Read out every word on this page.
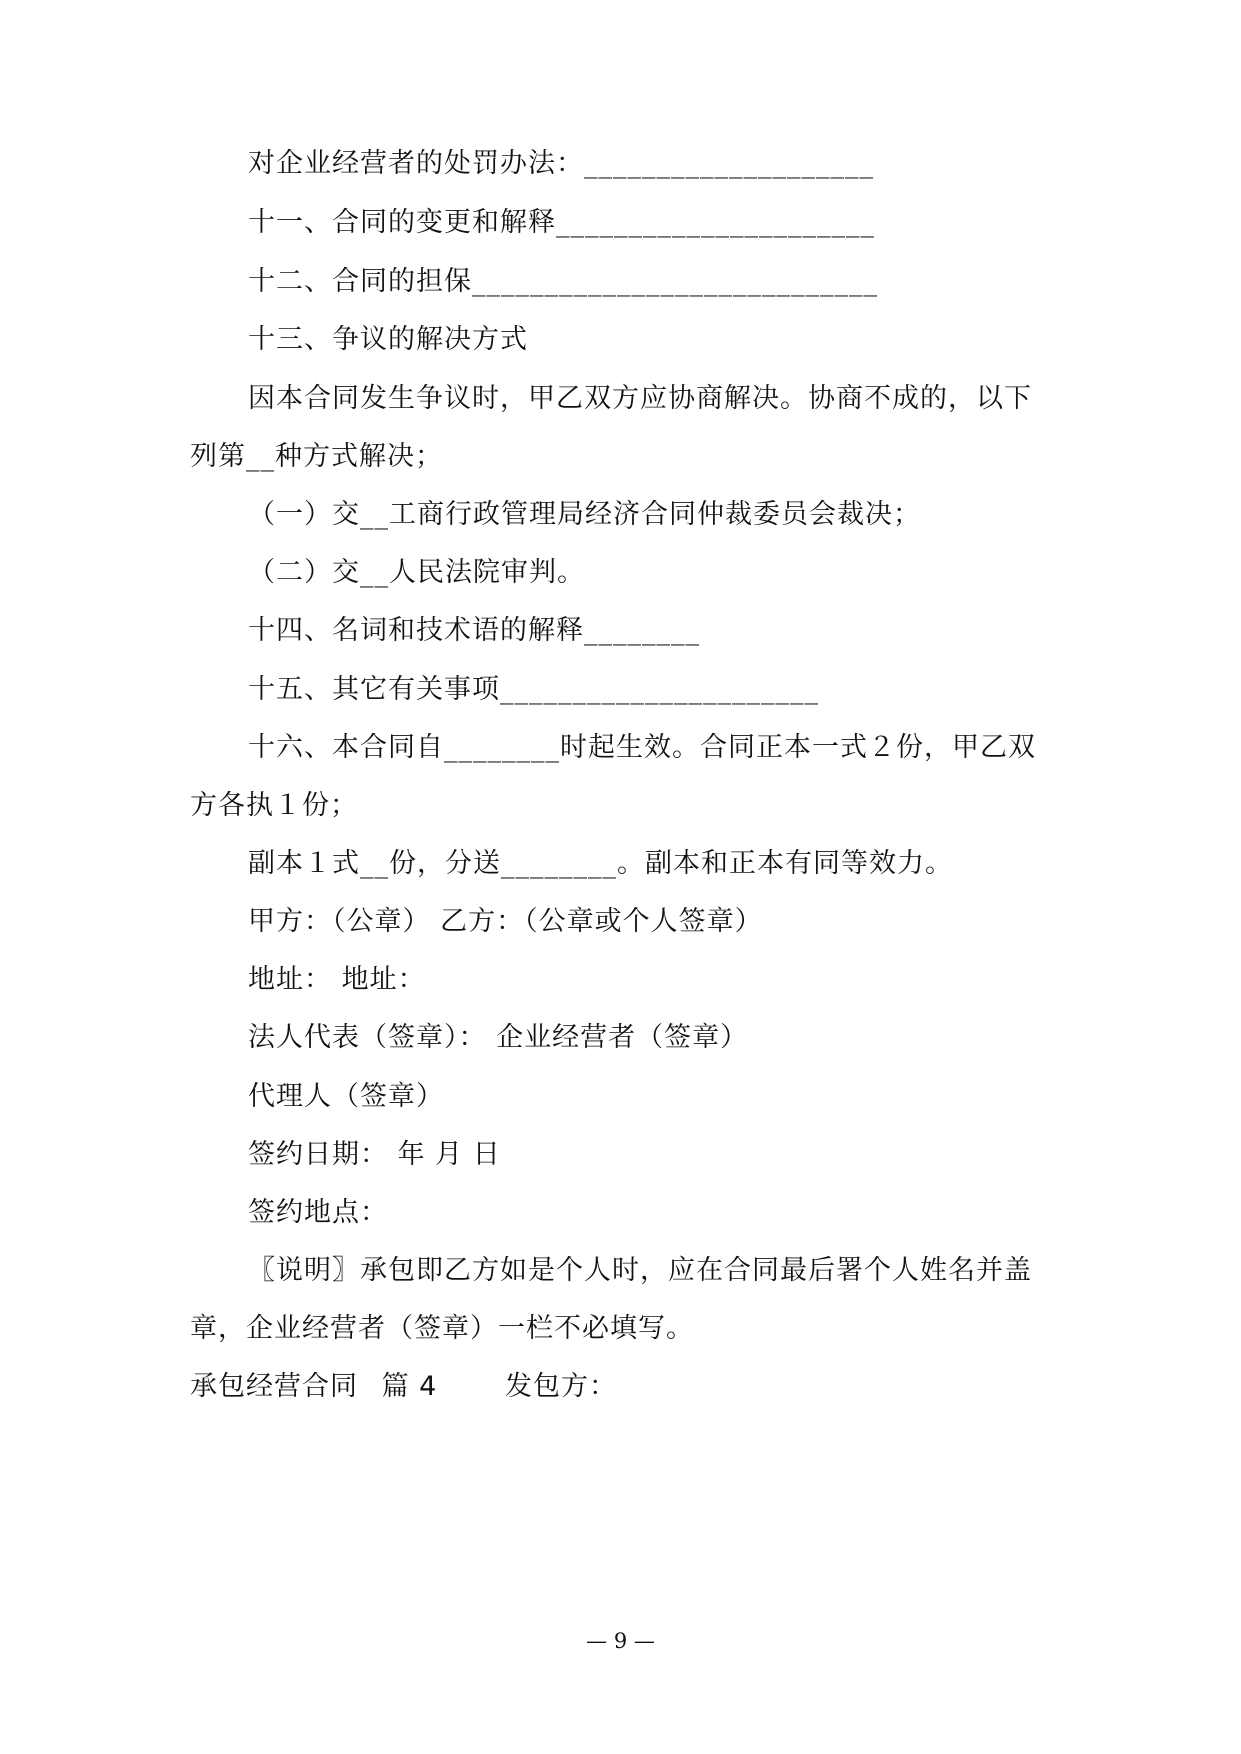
对企业经营者的处罚办法：____________________
十一、合同的变更和解释______________________
十二、合同的担保____________________________
十三、争议的解决方式
因本合同发生争议时，甲乙双方应协商解决。协商不成的，以下
列第__种方式解决；
（一）交__工商行政管理局经济合同仲裁委员会裁决；
（二）交__人民法院审判。
十四、名词和技术语的解释________
十五、其它有关事项______________________
十六、本合同自________时起生效。合同正本一式２份，甲乙双
方各执１份；
副本１式__份，分送________。副本和正本有同等效力。
甲方：（公章） 乙方：（公章或个人签章）
地址： 地址：
法人代表（签章）： 企业经营者（签章）
代理人（签章）
签约日期： 年 月 日
签约地点：
〖说明〗承包即乙方如是个人时，应在合同最后署个人姓名并盖
章，企业经营者（签章）一栏不必填写。
承包经营合同 篇 4	发包方：
— 9 —
